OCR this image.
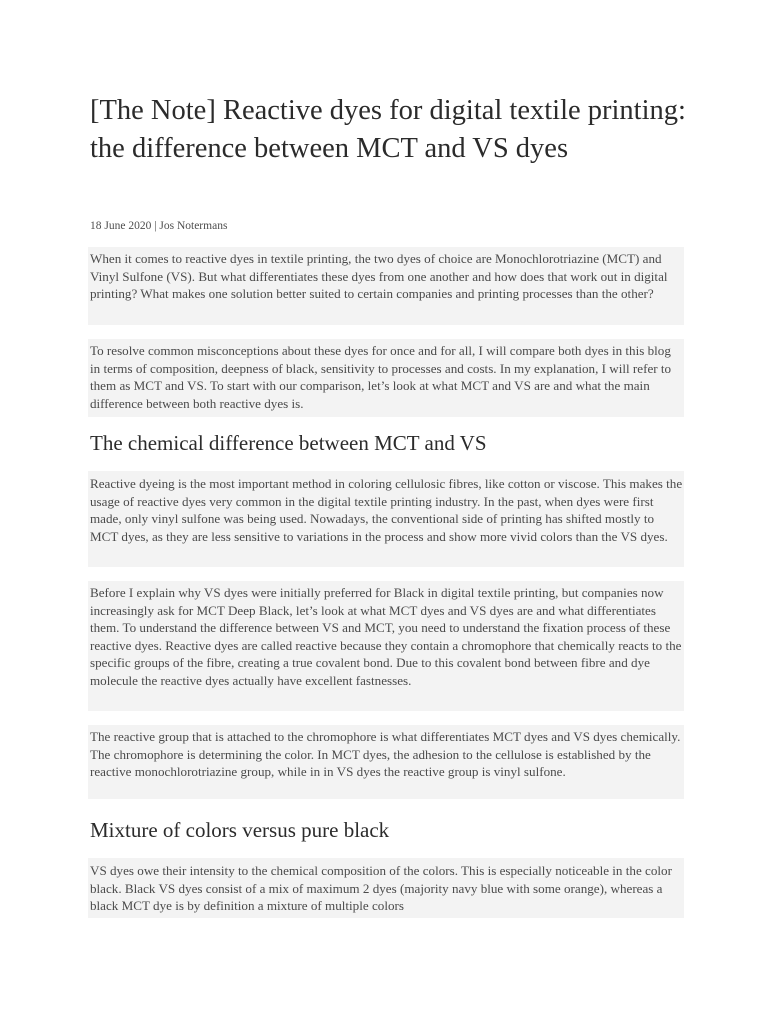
[The Note] Reactive dyes for digital textile printing: the difference between MCT and VS dyes
18 June 2020 | Jos Notermans

When it comes to reactive dyes in textile printing, the two dyes of choice are Monochlorotriazine (MCT) and Vinyl Sulfone (VS). But what differentiates these dyes from one another and how does that work out in digital printing? What makes one solution better suited to certain companies and printing processes than the other?

To resolve common misconceptions about these dyes for once and for all, I will compare both dyes in this blog in terms of composition, deepness of black, sensitivity to processes and costs. In my explanation, I will refer to them as MCT and VS. To start with our comparison, let’s look at what MCT and VS are and what the main difference between both reactive dyes is.

The chemical difference between MCT and VS

Reactive dyeing is the most important method in coloring cellulosic fibres, like cotton or viscose. This makes the usage of reactive dyes very common in the digital textile printing industry. In the past, when dyes were first made, only vinyl sulfone was being used. Nowadays, the conventional side of printing has shifted mostly to MCT dyes, as they are less sensitive to variations in the process and show more vivid colors than the VS dyes.

Before I explain why VS dyes were initially preferred for Black in digital textile printing, but companies now increasingly ask for MCT Deep Black, let’s look at what MCT dyes and VS dyes are and what differentiates them. To understand the difference between VS and MCT, you need to understand the fixation process of these reactive dyes. Reactive dyes are called reactive because they contain a chromophore that chemically reacts to the specific groups of the fibre, creating a true covalent bond. Due to this covalent bond between fibre and dye molecule the reactive dyes actually have excellent fastnesses.

The reactive group that is attached to the chromophore is what differentiates MCT dyes and VS dyes chemically. The chromophore is determining the color. In MCT dyes, the adhesion to the cellulose is established by the reactive monochlorotriazine group, while in in VS dyes the reactive group is vinyl sulfone.

Mixture of colors versus pure black

VS dyes owe their intensity to the chemical composition of the colors. This is especially noticeable in the color black. Black VS dyes consist of a mix of maximum 2 dyes (majority navy blue with some orange), whereas a black MCT dye is by definition a mixture of multiple colors
